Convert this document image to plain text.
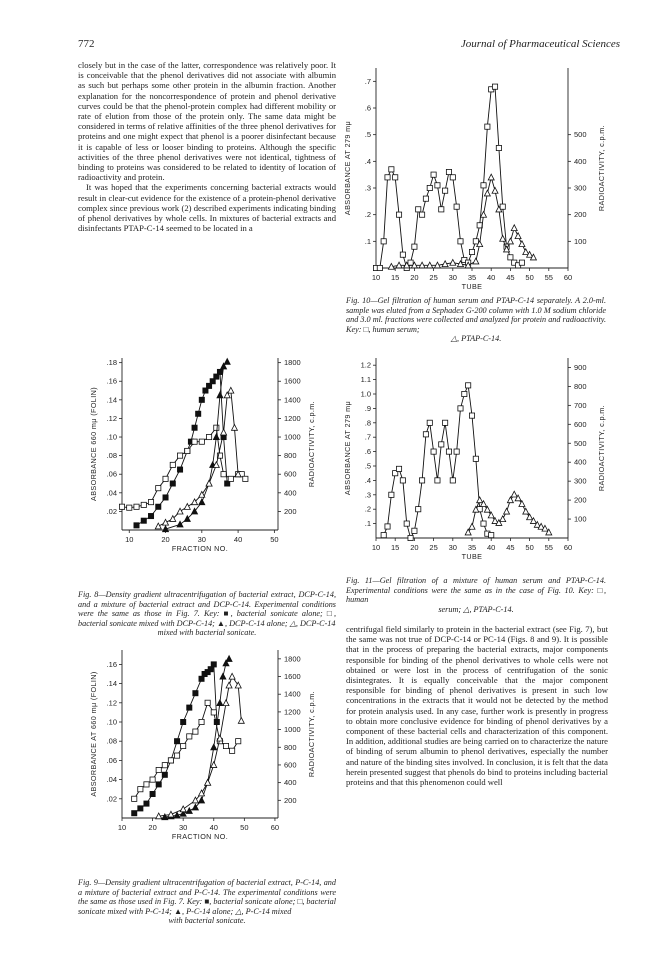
772	Journal of Pharmaceutical Sciences

closely but in the case of the latter, correspondence was relatively poor. It is conceivable that the phenol derivatives did not associate with albumin as such but perhaps some other protein in the albumin fraction. Another explanation for the noncorrespondence of protein and phenol derivative curves could be that the phenol-protein complex had different mobility or rate of elution from those of the protein only. The same data might be considered in terms of relative affinities of the three phenol derivatives for proteins and one might expect that phenol is a poorer disinfectant because it is capable of less or looser binding to proteins. Although the specific activities of the three phenol derivatives were not identical, tightness of binding to proteins was considered to be related to identity of location of radioactivity and protein.

It was hoped that the experiments concerning bacterial extracts would result in clear-cut evidence for the existence of a protein-phenol derivative complex since previous work (2) described experiments indicating binding of phenol derivatives by whole cells. In mixtures of bacterial extracts and disinfectants PTAP-C-14 seemed to be located in a

10 15 20 25 30 35 40 45 50 55 60
TUBE
.1
.2
.3
.4
.5
.6
.7
100
200
300
400
500
ABSORBANCE AT 279 mμ	RADIOACTIVITY, c.p.m.
Fig. 10—Gel filtration of human serum and PTAP-C-14 separately. A 2.0-ml. sample was eluted from a Sephadex G-200 column with 1.0 M sodium chloride and 3.0 ml. fractions were collected and analyzed for protein and radioactivity. Key: □, human serum;
△, PTAP-C-14.
10	20	30	40	50
FRACTION NO.
.02
.04
.06
.08
.10
.12
.14
.16
.18
200
400
600
800
1000
1200
1400
1600
1800
ABSORBANCE 660 mμ (FOLIN)	RADIOACTIVITY, c.p.m.
Fig. 8—Density gradient ultracentrifugation of bacterial extract, DCP-C-14, and a mixture of bacterial extract and DCP-C-14. Experimental conditions were the same as those in Fig. 7. Key: ■, bacterial sonicate alone; □, bacterial sonicate mixed with DCP-C-14; ▲, DCP-C-14 alone; △, DCP-C-14
mixed with bacterial sonicate.
10 15 20 25 30 35 40 45 50 55 60
TUBE
.1
.2
.3
.4
.5
.6
.7
.8
.9
1.0
1.1
1.2
100
200
300
400
500
600
700
800
900
ABSORBANCE AT 279 mμ	RADIOACTIVITY, c.p.m.
Fig. 11—Gel filtration of a mixture of human serum and PTAP-C-14. Experimental conditions were the same as in the case of Fig. 10. Key: □, human
serum; △, PTAP-C-14.
10	20	30	40	50	60
FRACTION NO.
.02
.04
.06
.08
.10
.12
.14
.16
200
400
600
800
1000
1200
1400
1600
1800
ABSORBANCE AT 660 mμ (FOLIN)	RADIOACTIVITY, c.p.m.
Fig. 9—Density gradient ultracentrifugation of bacterial extract, P-C-14, and a mixture of bacterial extract and P-C-14. The experimental conditions were the same as those used in Fig. 7. Key: ■, bacterial sonicate alone; □, bacterial sonicate mixed with P-C-14; ▲, P-C-14 alone; △, P-C-14 mixed
with bacterial sonicate.

centrifugal field similarly to protein in the bacterial extract (see Fig. 7), but the same was not true of DCP-C-14 or PC-14 (Figs. 8 and 9). It is possible that in the process of preparing the bacterial extracts, major components responsible for binding of the phenol derivatives to whole cells were not obtained or were lost in the process of centrifugation of the sonic disintegrates. It is equally conceivable that the major component responsible for binding of phenol derivatives is present in such low concentrations in the extracts that it would not be detected by the method for protein analysis used. In any case, further work is presently in progress to obtain more conclusive evidence for binding of phenol derivatives by a component of these bacterial cells and characterization of this component. In addition, additional studies are being carried on to characterize the nature of binding of serum albumin to phenol derivatives, especially the number and nature of the binding sites involved. In conclusion, it is felt that the data herein presented suggest that phenols do bind to proteins including bacterial proteins and that this phenomenon could well
